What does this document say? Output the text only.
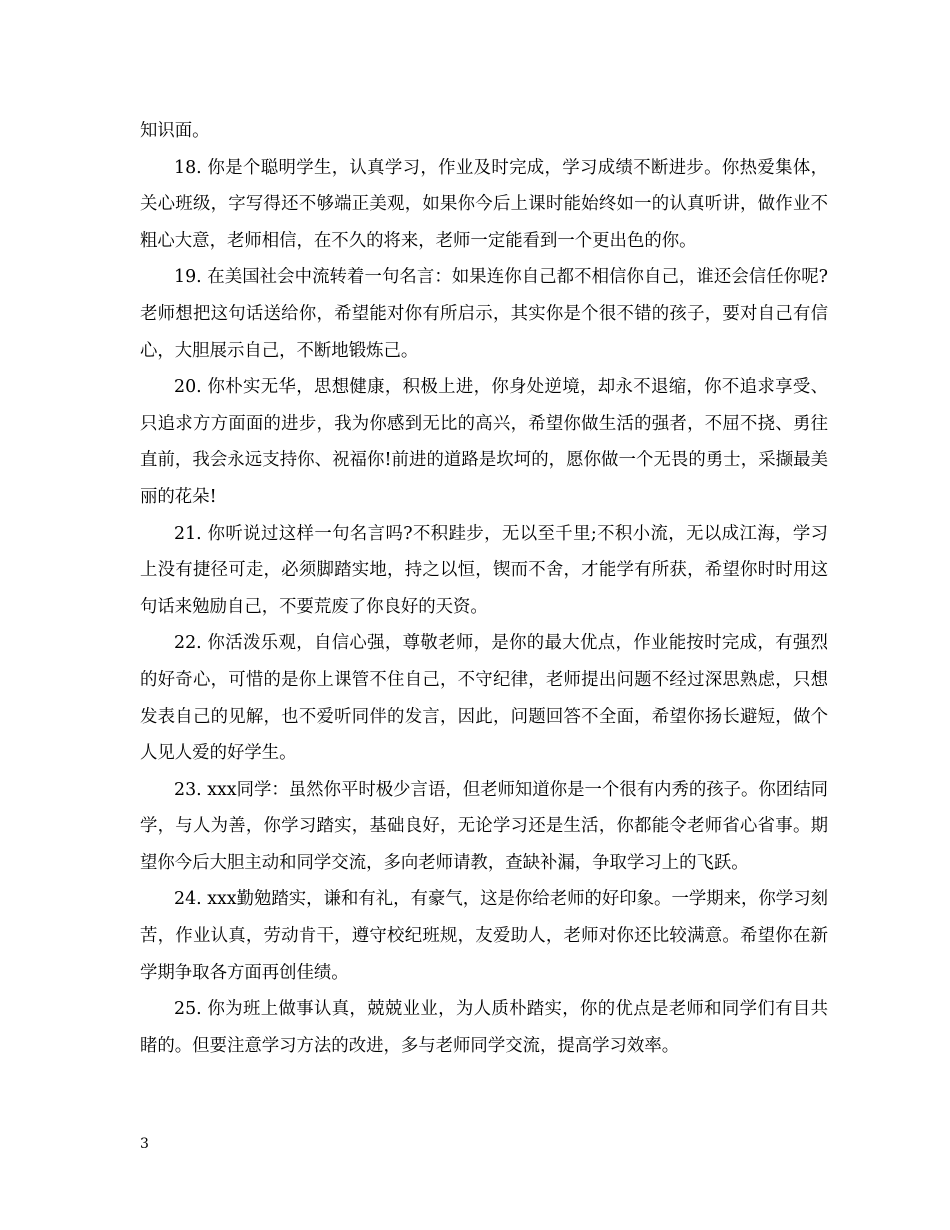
知识面。

18. 你是个聪明学生，认真学习，作业及时完成，学习成绩不断进步。你热爱集体，关心班级，字写得还不够端正美观，如果你今后上课时能始终如一的认真听讲，做作业不粗心大意，老师相信，在不久的将来，老师一定能看到一个更出色的你。

19. 在美国社会中流转着一句名言：如果连你自己都不相信你自己，谁还会信任你呢?老师想把这句话送给你，希望能对你有所启示，其实你是个很不错的孩子，要对自己有信心，大胆展示自己，不断地锻炼己。

20. 你朴实无华，思想健康，积极上进，你身处逆境，却永不退缩，你不追求享受、只追求方方面面的进步，我为你感到无比的高兴，希望你做生活的强者，不屈不挠、勇往直前，我会永远支持你、祝福你!前进的道路是坎坷的，愿你做一个无畏的勇士，采撷最美丽的花朵!

21. 你听说过这样一句名言吗?不积跬步，无以至千里;不积小流，无以成江海，学习上没有捷径可走，必须脚踏实地，持之以恒，锲而不舍，才能学有所获，希望你时时用这句话来勉励自己，不要荒废了你良好的天资。

22. 你活泼乐观，自信心强，尊敬老师，是你的最大优点，作业能按时完成，有强烈的好奇心，可惜的是你上课管不住自己，不守纪律，老师提出问题不经过深思熟虑，只想发表自己的见解，也不爱听同伴的发言，因此，问题回答不全面，希望你扬长避短，做个人见人爱的好学生。

23. xxx同学：虽然你平时极少言语，但老师知道你是一个很有内秀的孩子。你团结同学，与人为善，你学习踏实，基础良好，无论学习还是生活，你都能令老师省心省事。期望你今后大胆主动和同学交流，多向老师请教，查缺补漏，争取学习上的飞跃。

24. xxx勤勉踏实，谦和有礼，有豪气，这是你给老师的好印象。一学期来，你学习刻苦，作业认真，劳动肯干，遵守校纪班规，友爱助人，老师对你还比较满意。希望你在新学期争取各方面再创佳绩。

25. 你为班上做事认真，兢兢业业，为人质朴踏实，你的优点是老师和同学们有目共睹的。但要注意学习方法的改进，多与老师同学交流，提高学习效率。

3
